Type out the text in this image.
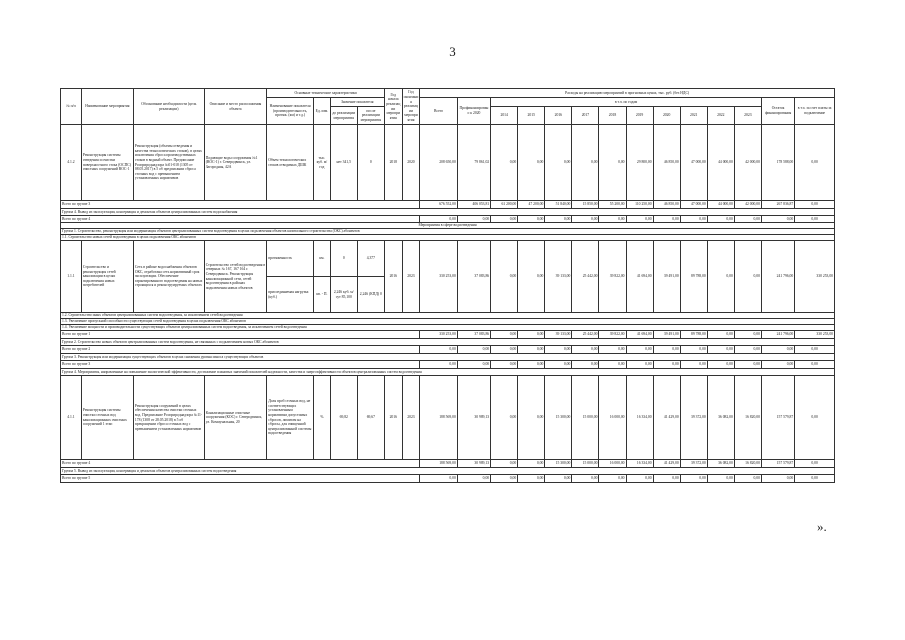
3
№ п/п	Наименование мероприятия	Обоснование необходимости (цель реализации)	Описание и место расположения объекта	Основные технические характеристики				Год начала реализации мероприятия	Год окончания реализации мероприятия	Расходы на реализацию мероприятий в прогнозных ценах, тыс. руб. (без НДС)													
				Наименование показателя (производительность, протяж. (км) и т.д.)	Ед. изм.	Значение показателя				Всего	Профинансировано к 2020	в т.ч. по годам										Остаток финансирования	в т.ч. за счет платы за подключение
						до реализации мероприятия	после реализации мероприятия					2014	2015	2016	2017	2018	2019	2020	2021	2022	2023		
4.1.2	Реконструкция системы отведения и очистки поверхностного стока (ОСПС) очистных сооружений ВОС-1	Реконструкция (объемы отведения и качества технологических стоков), в целях исключения сброса производственных стоков в водный объект. Предписание Росприроднадзора №01-018 (1305 от 08.05.2017) в 5 об предписании сброса сточных вод с превышением установленных нормативов	Подающие воды сооружения №1 (ВОС-1) г. Северодвинск, ул. Загородная, 42А	Объем технологических стоков отводимых ДШК	тыс. куб. м/ год	нет 341,5	0	2018	2020	208 650,00	79 861,02	0,00	0,00	0,00	0,00	0,00	29 800,00	46 850,00	47 000,00	44 000,00	42 000,00	178 588,00	0,00
Всего по группе 3										676 552,00	406 053,81	61 200,00	47 200,00	51 840,00	15 850,00	55 200,00	110 250,00	46 850,00	47 000,00	44 000,00	42 000,00	267 836,87	0,00
Группа 4. Вывод из эксплуатации, консервация и демонтаж объектов централизованных систем водоснабжения																							
Всего по группе 4										0,00	0,00	0,00	0,00	0,00	0,00	0,00	0,00	0,00	0,00	0,00	0,00	0,00	0,00
Мероприятия в сфере водоотведения																							
Группа 1. Строительство, реконструкция или модернизация объектов централизованных систем водоотведения в целях подключения объектов капитального строительства (ОКС) абонентов																							
1.1. Строительство новых сетей водоотведения в целях подключения ОКС абонентов																							
1.1.1	Строительство и реконструкция сетей канализации в целях подключения новых потребителей	Сеть в районе водоснабжения объектов ОКС, отработана сеть нормативный срок эксплуатации. Обеспечение гарантированного водоотведения на новых строящихся и реконструируемых объектах	Строительство сетей водоотведения в северных № 167, 167 164 г. Северодвинск. Реконструкция канализационной сети, сетей водоотведения в районах подключения новых объектов	протяженность	км.	0	4,377	2016	2023	330 253,00	37 083,86	0,00	0,00	39 133,00	25 442,00	39 822,00	41 694,00	39 491,00	89 788,00	0,00	0,00	241 796,00	330 253,00
				присоединяемая нагрузка (куб.)	кв. - П.	2,246 куб. м/сут 85,100	2,246 (КПД) 0																
1.2. Строительство иных объектов централизованных систем водоотведения, за исключением сетей водоотведения																							
1.3. Увеличение пропускной способности существующих сетей водоотведения в целях подключения ОКС абонентов																							
1.4. Увеличение мощности и производительности существующих объектов централизованных систем водоотведения, за исключением сетей водоотведения																							
Всего по группе 1										330 253,00	37 083,86	0,00	0,00	39 133,00	25 442,00	39 822,00	41 694,00	39 491,00	89 788,00	0,00	0,00	241 796,00	330 253,00
Группа 2. Строительство новых объектов централизованных систем водоотведения, не связанных с подключением новых ОКС абонентов																							
Всего по группе 2										0,00	0,00	0,00	0,00	0,00	0,00	0,00	0,00	0,00	0,00	0,00	0,00	0,00	0,00
Группа 3. Реконструкция или модернизация существующих объектов в целях снижения уровня износа существующих объектов																							
Всего по группе 3										0,00	0,00	0,00	0,00	0,00	0,00	0,00	0,00	0,00	0,00	0,00	0,00	0,00	0,00
Группа 4. Мероприятия, направленные на повышение экологической эффективности, достижение плановых значений показателей надежности, качества и энергоэффективности объектов централизованных систем водоотведения																							
4.1.1	Реконструкция системы очистки сточных вод канализационных очистных сооружений 1 этап	Реконструкция сооружений в целях обеспечения качества очистки сточных вод. Предписание Росприроднадзора №11-178 (1308 от 28.05.2018) в 5 об прекращении сброса сточных вод с превышением установленных нормативов	Канализационные очистные сооружения (КОС) г. Северодвинск, ул. Коммунальная, 20	Доля проб сточных вод, не соответствующих установленным нормативам допустимых сбросов, лимитам на сбросы, для очищенной централизованной системы водоотведения	%	69,82	69,67	2016	2023	188 569,00	30 989,13	0,00	0,00	15 300,00	15 000,00	16 000,00	16 334,00	41 429,00	39 372,00	36 082,00	16 820,00	157 579,87	0,00
Всего по группе 4										188 569,00	30 989,13	0,00	0,00	15 300,00	15 000,00	16 000,00	16 334,00	41 429,00	39 372,00	36 082,00	16 820,00	157 579,87	0,00
Группа 5. Вывод из эксплуатации, консервация и демонтаж объектов централизованных систем водоотведения																							
Всего по группе 5										0,00	0,00	0,00	0,00	0,00	0,00	0,00	0,00	0,00	0,00	0,00	0,00	0,00	0,00
».
